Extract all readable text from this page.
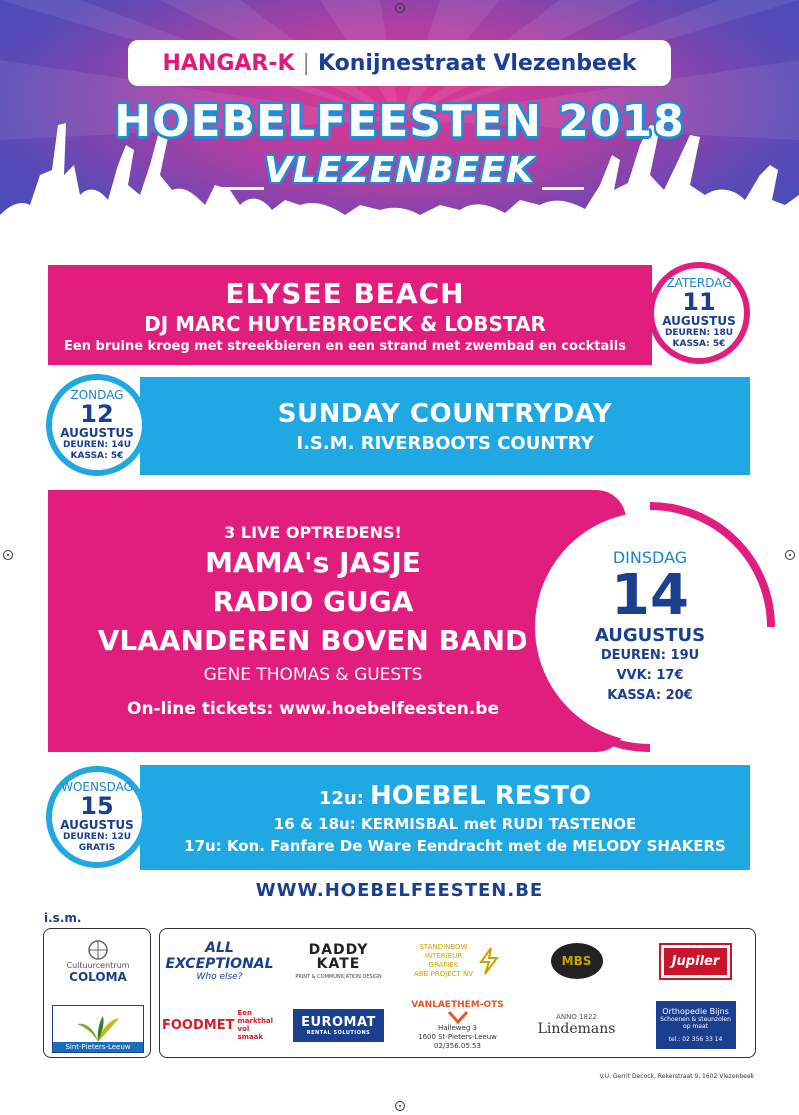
HANGAR-K | Konijnestraat Vlezenbeek
HOEBELFEESTEN 2018
VLEZENBEEK
ELYSEE BEACH
DJ MARC HUYLEBROECK & LOBSTAR
Een bruine kroeg met streekbieren en een strand met zwembad en cocktails
ZATERDAG
11
AUGUSTUS
DEUREN: 18U
KASSA: 5€
SUNDAY COUNTRYDAY
I.S.M. RIVERBOOTS COUNTRY
ZONDAG
12
AUGUSTUS
DEUREN: 14U
KASSA: 5€
3 LIVE OPTREDENS!
MAMA's JASJE
RADIO GUGA
VLAANDEREN BOVEN BAND
GENE THOMAS & GUESTS
On-line tickets: www.hoebelfeesten.be
DINSDAG
14
AUGUSTUS
DEUREN: 19U
VVK: 17€
KASSA: 20€
12u: HOEBEL RESTO
16 & 18u: KERMISBAL met RUDI TASTENOE
17u: Kon. Fanfare De Ware Eendracht met de MELODY SHAKERS
WOENSDAG
15
AUGUSTUS
DEUREN: 12U
GRATIS
WWW.HOEBELFEESTEN.BE
i.s.m.
Cultuurcentrum
COLOMA
Sint-Pieters-Leeuw
ALL EXCEPTIONAL
Who else?
DADDY
KATE
PRINT & COMMUNICATION DESIGN
STANDINBOW
INTERIEUR
GRAFIEK
ABB PROJECT NV
MBS	Jupiler
FOODMET
Een markthal
vol smaak
EUROMAT
RENTAL SOLUTIONS
VANLAETHEM-OTS
Halleweg 3
1600 St-Pieters-Leeuw
02/356.05.53
ANNO 1822
Lindemans
Orthopedie Bijns
Schoenen & steunzolen op maat
tel.: 02 356 33 14
V.U. Gerrit Decock, Rekerstraat 9, 1602 Vlezenbeek
